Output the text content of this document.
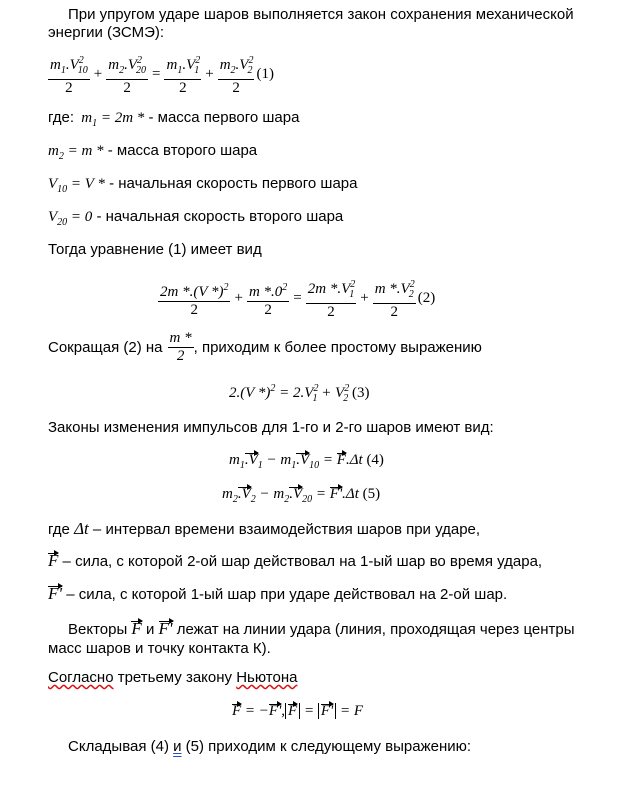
При упругом ударе шаров выполняется закон сохранения механической
энергии (ЗСМЭ):
$\frac{m_1.V^2_{10}}{2} + \frac{m_2.V^2_{20}}{2} = \frac{m_1.V^2_1}{2} + \frac{m_2.V^2_2}{2} (1)$
где: $m_1 = 2m$ * - масса первого шара
$m_2 = m$ * - масса второго шара
$V_{10} = V$ * - начальная скорость первого шара
$V_{20} = 0$ - начальная скорость второго шара
Тогда уравнение (1) имеет вид
$\frac{2m *.(V *)^2}{2} + \frac{m *.0^2}{2} = \frac{2m *.V^2_1}{2} + \frac{m *.V^2_2}{2} (2)$
Сокращая (2) на $\frac{m *}{2}$ , приходим к более простому выражению
2.(V $*)^2 = 2.V^2_1 + V^2_2$ (3)
Законы изменения импульсов для 1-го и 2-го шаров имеют вид:
$m_1.V_1 - m_1.V_{10} = F.\Delta t$ (4)
$m_2.V_2 - m_2.V_{20} = F'.\Delta t$ (5)
где Δt – интервал времени взаимодействия шаров при ударе,
F – сила, с которой 2-ой шар действовал на 1-ый шар во время удара,
F' – сила, с которой 1-ый шар при ударе действовал на 2-ой шар.
Векторы F и F' лежат на линии удара (линия, проходящая через центры
масс шаров и точку контакта К).
Согласно третьему закону Ньютона
F = −F', F = F' = F
Складывая (4) и (5) приходим к следующему выражению:
